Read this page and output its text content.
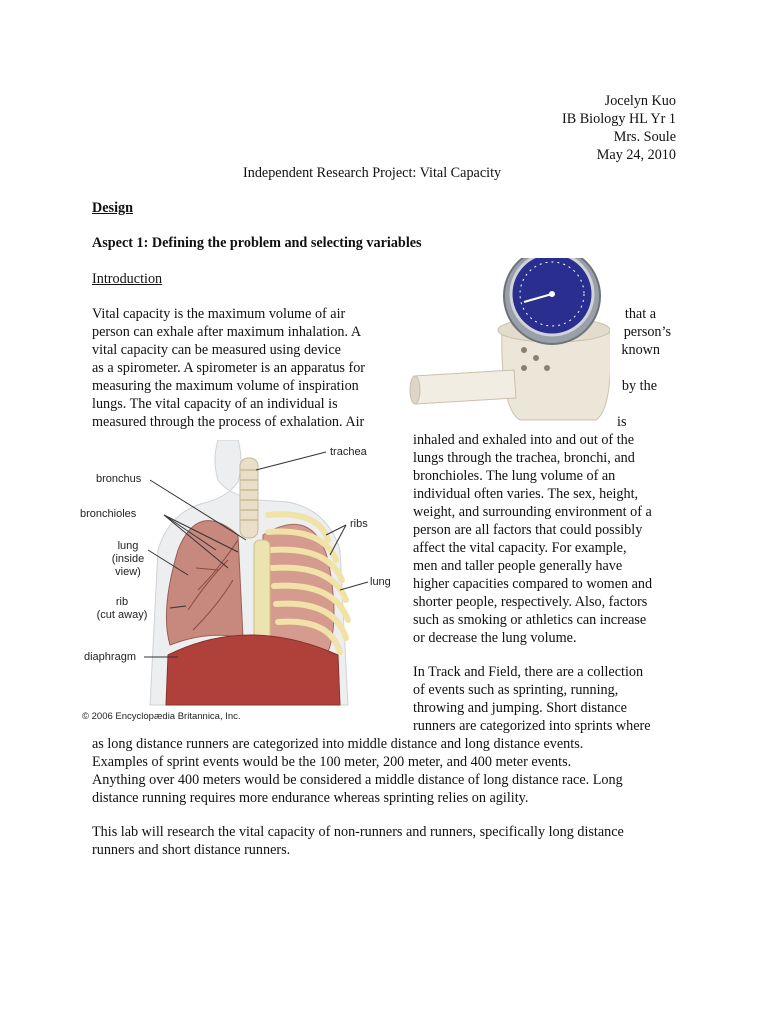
Jocelyn Kuo
IB Biology HL Yr 1
Mrs. Soule
May 24, 2010
Independent Research Project: Vital Capacity
Design
Aspect 1: Defining the problem and selecting variables
Introduction
Vital capacity is the maximum volume of air
person can exhale after maximum inhalation. A
vital capacity can be measured using device
as a spirometer. A spirometer is an apparatus for
measuring the maximum volume of inspiration
lungs. The vital capacity of an individual is
measured through the process of exhalation. Air
that a
person’s
known
by the
is
inhaled and exhaled into and out of the
lungs through the trachea, bronchi, and
bronchioles. The lung volume of an
individual often varies. The sex, height,
weight, and surrounding environment of a
person are all factors that could possibly
affect the vital capacity. For example,
men and taller people generally have
higher capacities compared to women and
shorter people, respectively. Also, factors
such as smoking or athletics can increase
or decrease the lung volume.
In Track and Field, there are a collection
of events such as sprinting, running,
throwing and jumping. Short distance
runners are categorized into sprints where
trachea
bronchus
bronchioles
lung
(inside
view)
rib
(cut away)
ribs
lung
diaphragm
© 2006 Encyclopædia Britannica, Inc.
as long distance runners are categorized into middle distance and long distance events.
Examples of sprint events would be the 100 meter, 200 meter, and 400 meter events.
Anything over 400 meters would be considered a middle distance of long distance race. Long
distance running requires more endurance whereas sprinting relies on agility.
This lab will research the vital capacity of non-runners and runners, specifically long distance
runners and short distance runners.
